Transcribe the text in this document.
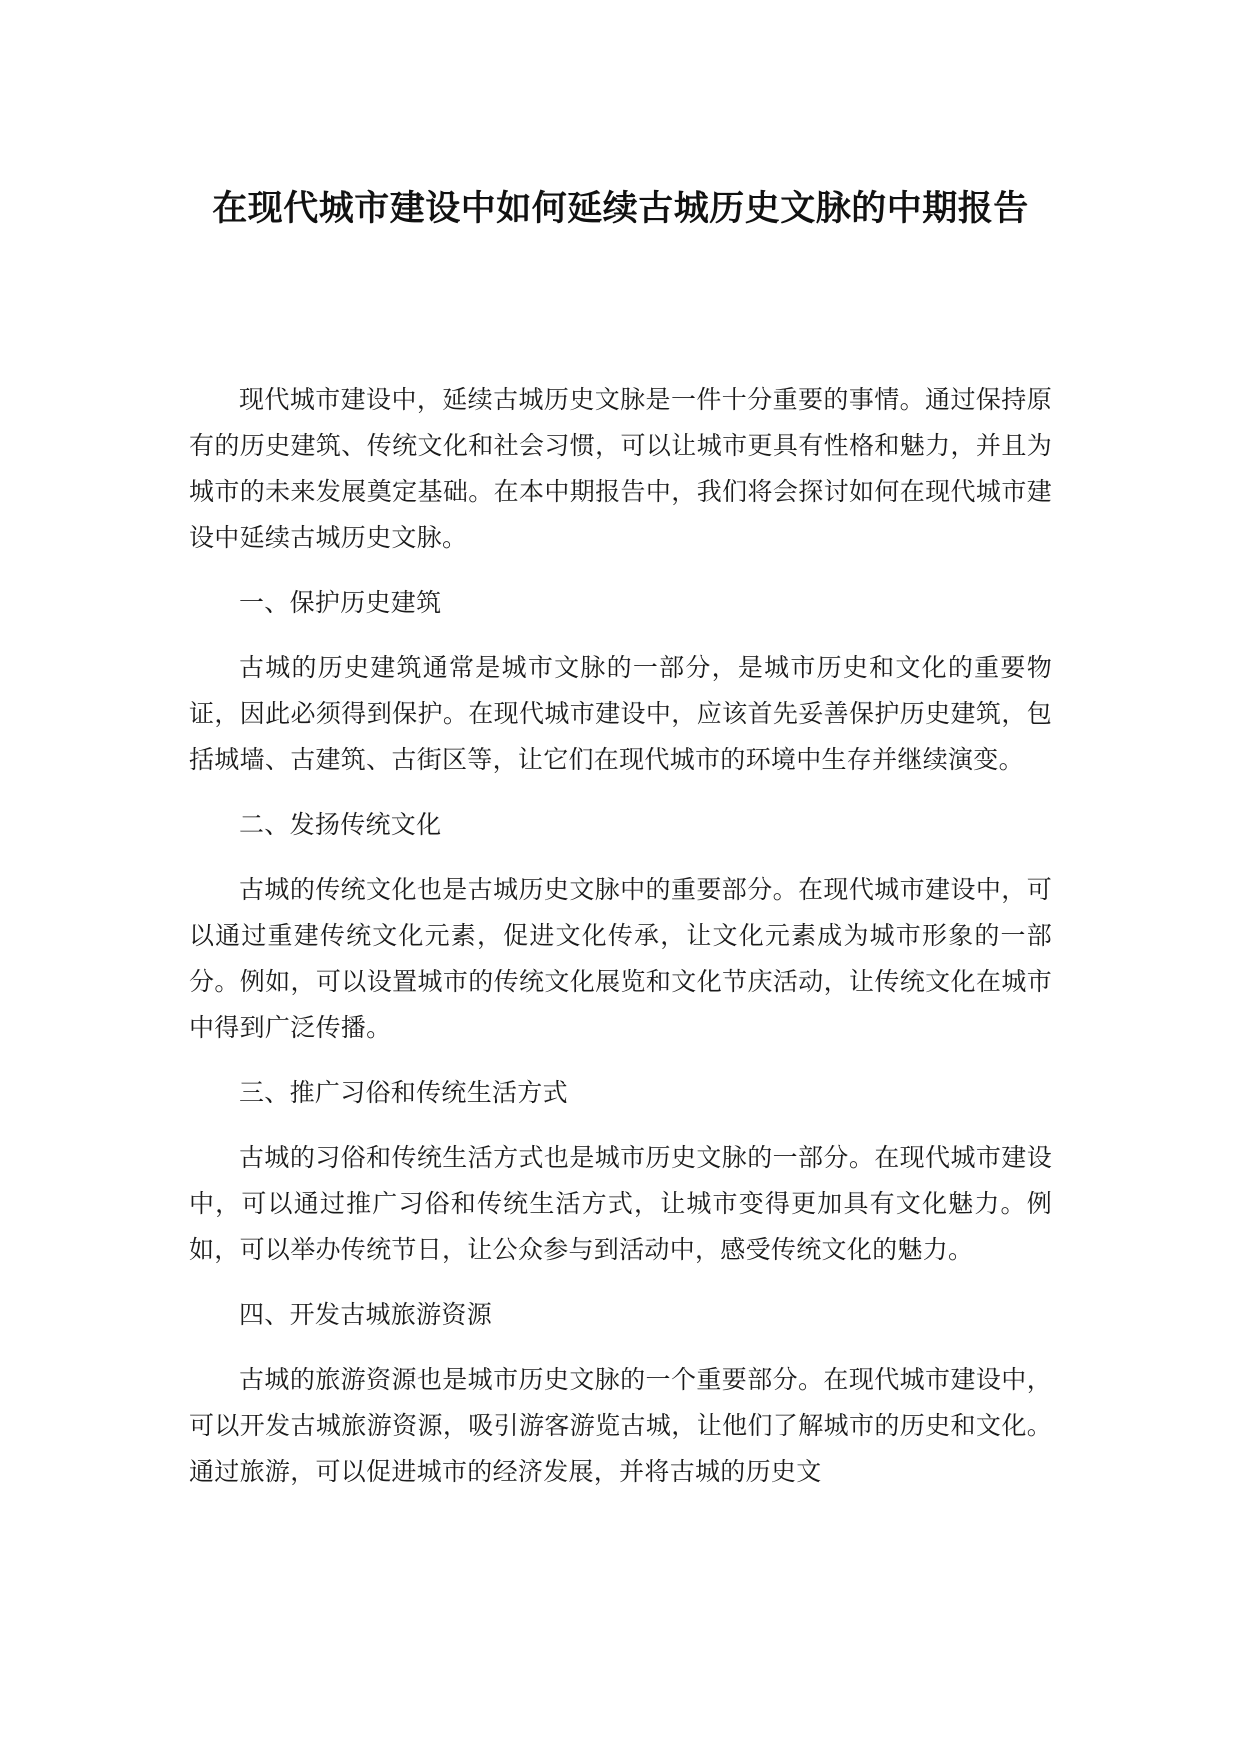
在现代城市建设中如何延续古城历史文脉的中期报告

现代城市建设中，延续古城历史文脉是一件十分重要的事情。通过保持原有的历史建筑、传统文化和社会习惯，可以让城市更具有性格和魅力，并且为城市的未来发展奠定基础。在本中期报告中，我们将会探讨如何在现代城市建设中延续古城历史文脉。

一、保护历史建筑

古城的历史建筑通常是城市文脉的一部分，是城市历史和文化的重要物证，因此必须得到保护。在现代城市建设中，应该首先妥善保护历史建筑，包括城墙、古建筑、古街区等，让它们在现代城市的环境中生存并继续演变。

二、发扬传统文化

古城的传统文化也是古城历史文脉中的重要部分。在现代城市建设中，可以通过重建传统文化元素，促进文化传承，让文化元素成为城市形象的一部分。例如，可以设置城市的传统文化展览和文化节庆活动，让传统文化在城市中得到广泛传播。

三、推广习俗和传统生活方式

古城的习俗和传统生活方式也是城市历史文脉的一部分。在现代城市建设中，可以通过推广习俗和传统生活方式，让城市变得更加具有文化魅力。例如，可以举办传统节日，让公众参与到活动中，感受传统文化的魅力。

四、开发古城旅游资源

古城的旅游资源也是城市历史文脉的一个重要部分。在现代城市建设中，可以开发古城旅游资源，吸引游客游览古城，让他们了解城市的历史和文化。通过旅游，可以促进城市的经济发展，并将古城的历史文
